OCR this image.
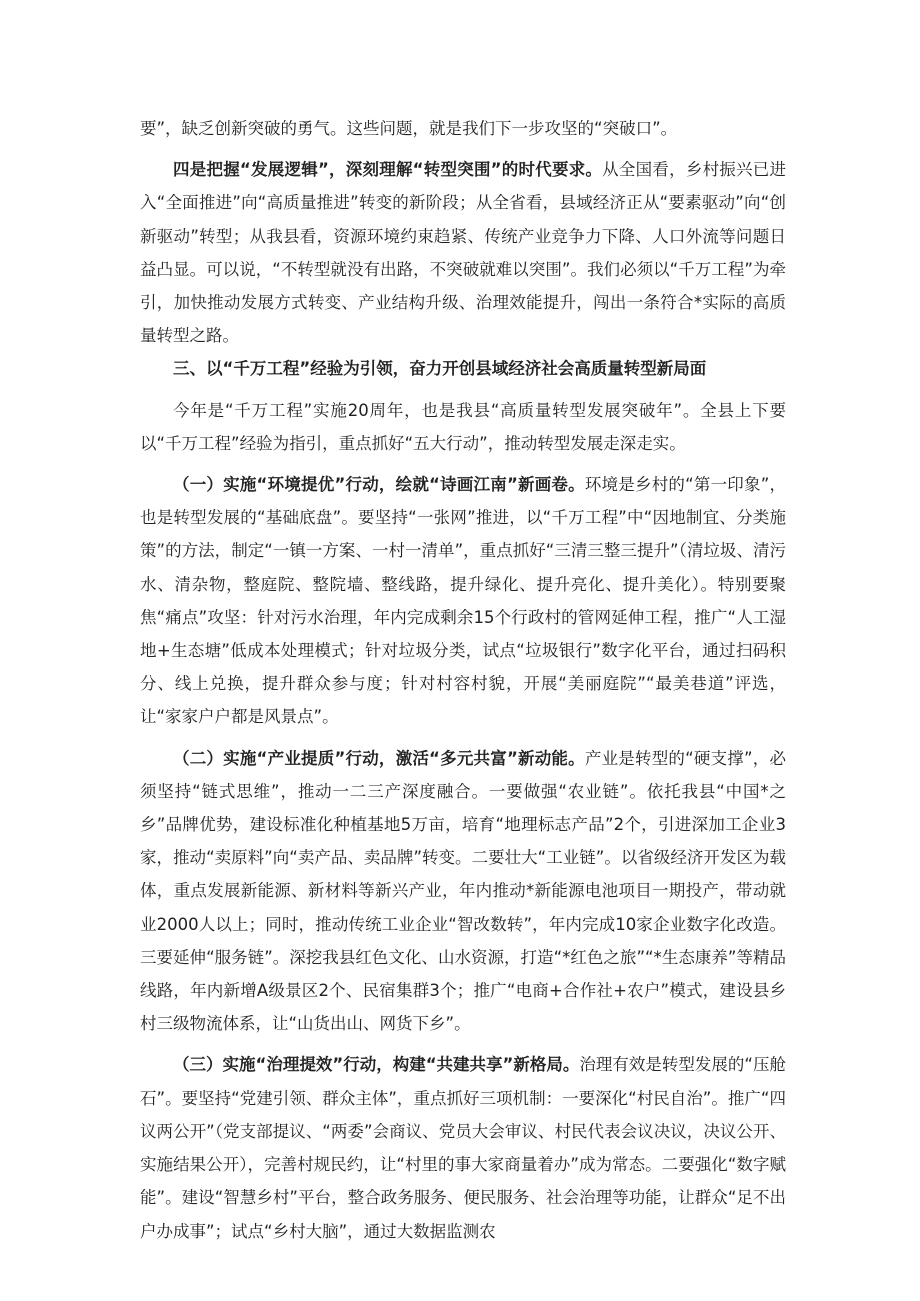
要”，缺乏创新突破的勇气。这些问题，就是我们下一步攻坚的“突破口”。

四是把握“发展逻辑”，深刻理解“转型突围”的时代要求。从全国看，乡村振兴已进入“全面推进”向“高质量推进”转变的新阶段；从全省看，县域经济正从“要素驱动”向“创新驱动”转型；从我县看，资源环境约束趋紧、传统产业竞争力下降、人口外流等问题日益凸显。可以说，“不转型就没有出路，不突破就难以突围”。我们必须以“千万工程”为牵引，加快推动发展方式转变、产业结构升级、治理效能提升，闯出一条符合*实际的高质量转型之路。

三、以“千万工程”经验为引领，奋力开创县域经济社会高质量转型新局面

今年是“千万工程”实施20周年，也是我县“高质量转型发展突破年”。全县上下要以“千万工程”经验为指引，重点抓好“五大行动”，推动转型发展走深走实。

（一）实施“环境提优”行动，绘就“诗画江南”新画卷。环境是乡村的“第一印象”，也是转型发展的“基础底盘”。要坚持“一张网”推进，以“千万工程”中“因地制宜、分类施策”的方法，制定“一镇一方案、一村一清单”，重点抓好“三清三整三提升”（清垃圾、清污水、清杂物，整庭院、整院墙、整线路，提升绿化、提升亮化、提升美化）。特别要聚焦“痛点”攻坚：针对污水治理，年内完成剩余15个行政村的管网延伸工程，推广“人工湿地+生态塘”低成本处理模式；针对垃圾分类，试点“垃圾银行”数字化平台，通过扫码积分、线上兑换，提升群众参与度；针对村容村貌，开展“美丽庭院”“最美巷道”评选，让“家家户户都是风景点”。

（二）实施“产业提质”行动，激活“多元共富”新动能。产业是转型的“硬支撑”，必须坚持“链式思维”，推动一二三产深度融合。一要做强“农业链”。依托我县“中国*之乡”品牌优势，建设标准化种植基地5万亩，培育“地理标志产品”2个，引进深加工企业3家，推动“卖原料”向“卖产品、卖品牌”转变。二要壮大“工业链”。以省级经济开发区为载体，重点发展新能源、新材料等新兴产业，年内推动*新能源电池项目一期投产，带动就业2000人以上；同时，推动传统工业企业“智改数转”，年内完成10家企业数字化改造。三要延伸“服务链”。深挖我县红色文化、山水资源，打造“*红色之旅”“*生态康养”等精品线路，年内新增A级景区2个、民宿集群3个；推广“电商+合作社+农户”模式，建设县乡村三级物流体系，让“山货出山、网货下乡”。

（三）实施“治理提效”行动，构建“共建共享”新格局。治理有效是转型发展的“压舱石”。要坚持“党建引领、群众主体”，重点抓好三项机制：一要深化“村民自治”。推广“四议两公开”（党支部提议、“两委”会商议、党员大会审议、村民代表会议决议，决议公开、实施结果公开），完善村规民约，让“村里的事大家商量着办”成为常态。二要强化“数字赋能”。建设“智慧乡村”平台，整合政务服务、便民服务、社会治理等功能，让群众“足不出户办成事”；试点“乡村大脑”，通过大数据监测农
